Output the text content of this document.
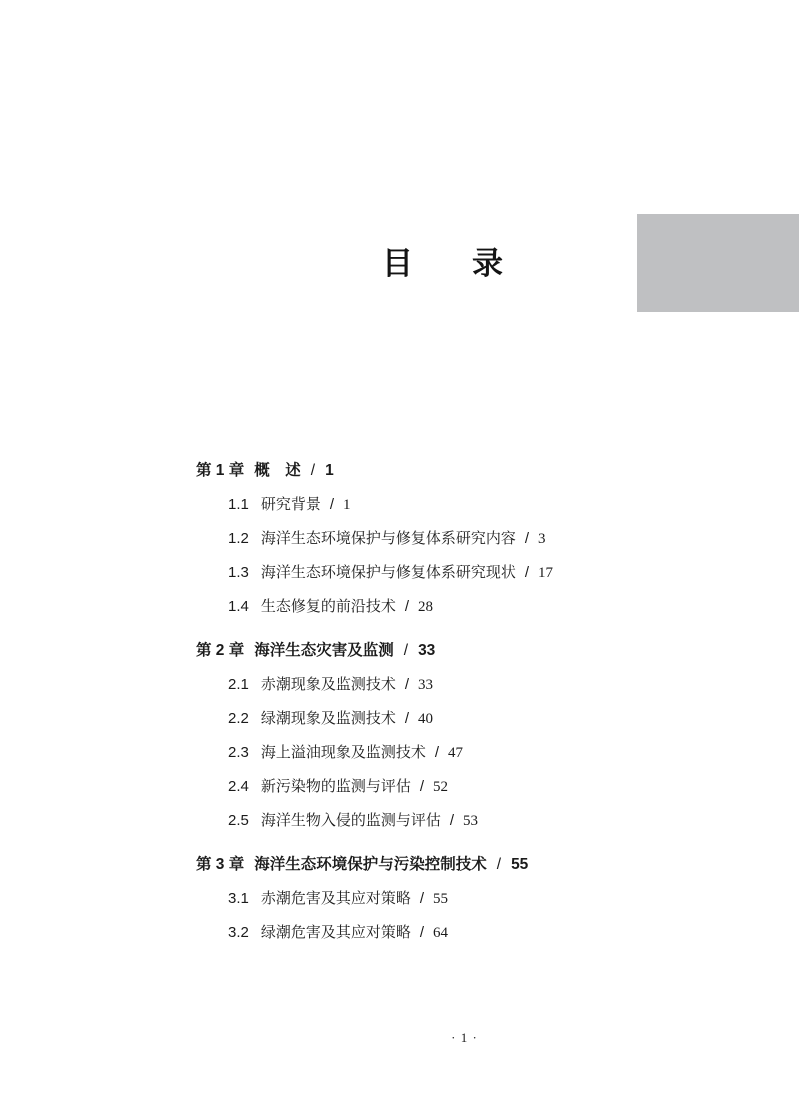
目　录
第 1 章 概　述 / 1
1.1 研究背景 / 1
1.2 海洋生态环境保护与修复体系研究内容 / 3
1.3 海洋生态环境保护与修复体系研究现状 / 17
1.4 生态修复的前沿技术 / 28
第 2 章 海洋生态灾害及监测 / 33
2.1 赤潮现象及监测技术 / 33
2.2 绿潮现象及监测技术 / 40
2.3 海上溢油现象及监测技术 / 47
2.4 新污染物的监测与评估 / 52
2.5 海洋生物入侵的监测与评估 / 53
第 3 章 海洋生态环境保护与污染控制技术 / 55
3.1 赤潮危害及其应对策略 / 55
3.2 绿潮危害及其应对策略 / 64
· 1 ·
